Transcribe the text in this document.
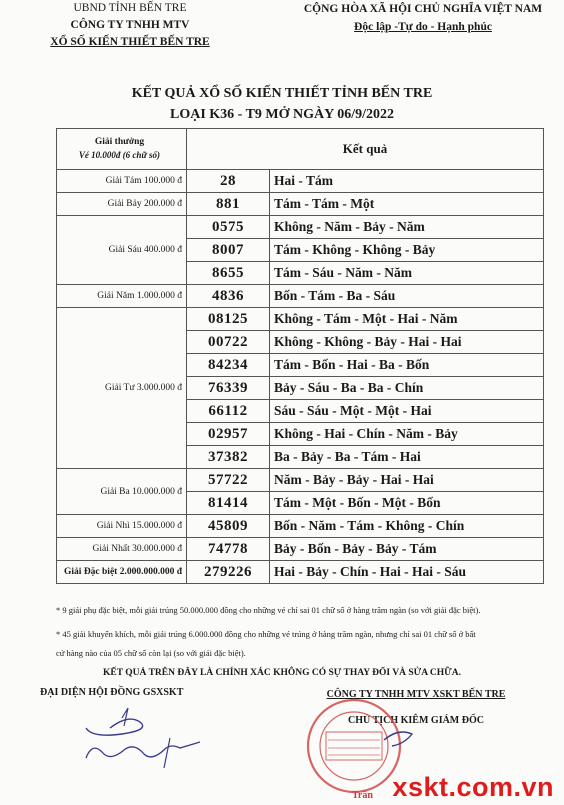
UBND TỈNH BẾN TRE
CÔNG TY TNHH MTV
XỔ SỐ KIẾN THIẾT BẾN TRE
CỘNG HÒA XÃ HỘI CHỦ NGHĨA VIỆT NAM
Độc lập -Tự do - Hạnh phúc
KẾT QUẢ XỔ SỐ KIẾN THIẾT TỈNH BẾN TRE
LOẠI K36 - T9 MỞ NGÀY 06/9/2022
Giải thưởng
Vé 10.000đ (6 chữ số)	Kết quả	
Giải Tám 100.000 đ	28	Hai - Tám
Giải Bảy 200.000 đ	881	Tám - Tám - Một
Giải Sáu 400.000 đ	0575	Không - Năm - Bảy - Năm
	8007	Tám - Không - Không - Bảy
	8655	Tám - Sáu - Năm - Năm
Giải Năm 1.000.000 đ	4836	Bốn - Tám - Ba - Sáu
Giải Tư 3.000.000 đ	08125	Không - Tám - Một - Hai - Năm
	00722	Không - Không - Bảy - Hai - Hai
	84234	Tám - Bốn - Hai - Ba - Bốn
	76339	Bảy - Sáu - Ba - Ba - Chín
	66112	Sáu - Sáu - Một - Một - Hai
	02957	Không - Hai - Chín - Năm - Bảy
	37382	Ba - Bảy - Ba - Tám - Hai
Giải Ba 10.000.000 đ	57722	Năm - Bảy - Bảy - Hai - Hai
	81414	Tám - Một - Bốn - Một - Bốn
Giải Nhì 15.000.000 đ	45809	Bốn - Năm - Tám - Không - Chín
Giải Nhất 30.000.000 đ	74778	Bảy - Bốn - Bảy - Bảy - Tám
Giải Đặc biệt 2.000.000.000 đ	279226	Hai - Bảy - Chín - Hai - Hai - Sáu
* 9 giải phụ đặc biệt, mỗi giải trúng 50.000.000 đồng cho những vé chỉ sai 01 chữ số ở hàng trăm ngàn (so với giải đặc biệt).
* 45 giải khuyến khích, mỗi giải trúng 6.000.000 đồng cho những vé trúng ở hàng trăm ngàn, nhưng chỉ sai 01 chữ số ở bất
cứ hàng nào của 05 chữ số còn lại (so với giải đặc biệt).
KẾT QUẢ TRÊN ĐÂY LÀ CHÍNH XÁC KHÔNG CÓ SỰ THAY ĐỔI VÀ SỬA CHỮA.
ĐẠI DIỆN HỘI ĐỒNG GSXSKT	CÔNG TY TNHH MTV XSKT BẾN TRE
CHỦ TỊCH KIÊM GIÁM ĐỐC
Trần xskt.com.vn
